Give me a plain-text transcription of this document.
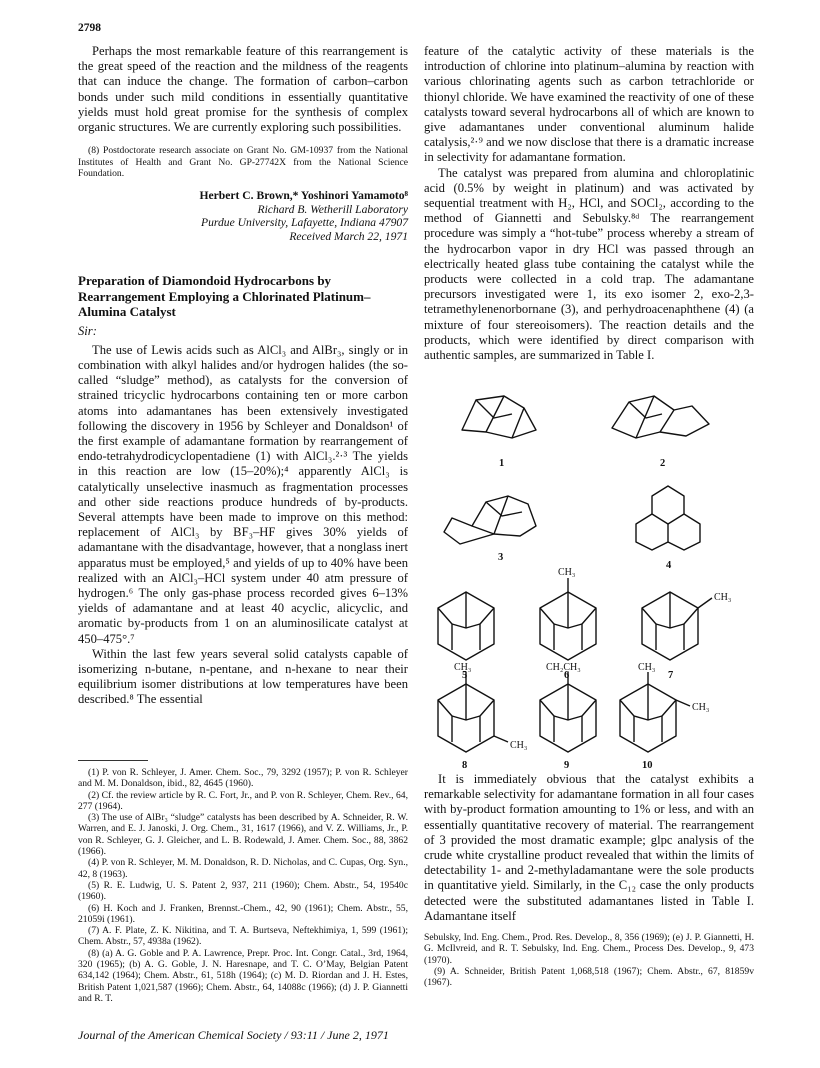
2798

Perhaps the most remarkable feature of this rearrangement is the great speed of the reaction and the mildness of the reagents that can induce the change. The formation of carbon–carbon bonds under such mild conditions in essentially quantitative yields must hold great promise for the synthesis of complex organic structures. We are currently exploring such possibilities.

(8) Postdoctorate research associate on Grant No. GM-10937 from the National Institutes of Health and Grant No. GP-27742X from the National Science Foundation.

Herbert C. Brown,* Yoshinori Yamamoto⁸
Richard B. Wetherill Laboratory
Purdue University, Lafayette, Indiana 47907
Received March 22, 1971
Preparation of Diamondoid Hydrocarbons by Rearrangement Employing a Chlorinated Platinum–Alumina Catalyst
Sir:

The use of Lewis acids such as AlCl₃ and AlBr₃, singly or in combination with alkyl halides and/or hydrogen halides (the so-called “sludge” method), as catalysts for the conversion of strained tricyclic hydrocarbons containing ten or more carbon atoms into adamantanes has been extensively investigated following the discovery in 1956 by Schleyer and Donaldson¹ of the first example of adamantane formation by rearrangement of endo-tetrahydrodicyclopentadiene (1) with AlCl₃.²·³ The yields in this reaction are low (15–20%);⁴ apparently AlCl₃ is catalytically unselective inasmuch as fragmentation processes and other side reactions produce hundreds of by-products. Several attempts have been made to improve on this method: replacement of AlCl₃ by BF₃–HF gives 30% yields of adamantane with the disadvantage, however, that a nonglass inert apparatus must be employed,⁵ and yields of up to 40% have been realized with an AlCl₃–HCl system under 40 atm pressure of hydrogen.⁶ The only gas-phase process recorded gives 6–13% yields of adamantane and at least 40 acyclic, alicyclic, and aromatic by-products from 1 on an aluminosilicate catalyst at 450–475°.⁷

Within the last few years several solid catalysts capable of isomerizing n-butane, n-pentane, and n-hexane to near their equilibrium isomer distributions at low temperatures have been described.⁸ The essential

(1) P. von R. Schleyer, J. Amer. Chem. Soc., 79, 3292 (1957); P. von R. Schleyer and M. M. Donaldson, ibid., 82, 4645 (1960).

(2) Cf. the review article by R. C. Fort, Jr., and P. von R. Schleyer, Chem. Rev., 64, 277 (1964).

(3) The use of AlBr₃ “sludge” catalysts has been described by A. Schneider, R. W. Warren, and E. J. Janoski, J. Org. Chem., 31, 1617 (1966), and V. Z. Williams, Jr., P. von R. Schleyer, G. J. Gleicher, and L. B. Rodewald, J. Amer. Chem. Soc., 88, 3862 (1966).

(4) P. von R. Schleyer, M. M. Donaldson, R. D. Nicholas, and C. Cupas, Org. Syn., 42, 8 (1963).

(5) R. E. Ludwig, U. S. Patent 2, 937, 211 (1960); Chem. Abstr., 54, 19540c (1960).

(6) H. Koch and J. Franken, Brennst.-Chem., 42, 90 (1961); Chem. Abstr., 55, 21059i (1961).

(7) A. F. Plate, Z. K. Nikitina, and T. A. Burtseva, Neftekhimiya, 1, 599 (1961); Chem. Abstr., 57, 4938a (1962).

(8) (a) A. G. Goble and P. A. Lawrence, Prepr. Proc. Int. Congr. Catal., 3rd, 1964, 320 (1965); (b) A. G. Goble, J. N. Haresnape, and T. C. O’May, Belgian Patent 634,142 (1964); Chem. Abstr., 61, 518h (1964); (c) M. D. Riordan and J. H. Estes, British Patent 1,021,587 (1966); Chem. Abstr., 64, 14088c (1966); (d) J. P. Giannetti and R. T.

feature of the catalytic activity of these materials is the introduction of chlorine into platinum–alumina by reaction with various chlorinating agents such as carbon tetrachloride or thionyl chloride. We have examined the reactivity of one of these catalysts toward several hydrocarbons all of which are known to give adamantanes under conventional aluminum halide catalysis,²·⁹ and we now disclose that there is a dramatic increase in selectivity for adamantane formation.

The catalyst was prepared from alumina and chloroplatinic acid (0.5% by weight in platinum) and was activated by sequential treatment with H₂, HCl, and SOCl₂, according to the method of Giannetti and Sebulsky.⁸ᵈ The rearrangement procedure was simply a “hot-tube” process whereby a stream of the hydrocarbon vapor in dry HCl was passed through an electrically heated glass tube containing the catalyst while the products were collected in a cold trap. The adamantane precursors investigated were 1, its exo isomer 2, exo-2,3-tetramethylenenorbornane (3), and perhydroacenaphthene (4) (a mixture of four stereoisomers). The reaction details and the products, which were identified by direct comparison with authentic samples, are summarized in Table I.

1	2
3
4
5	6	7
8	9	10
CH₃
CH₃
CH₃
CH₃
CH₂CH₃	CH₃
CH₃

It is immediately obvious that the catalyst exhibits a remarkable selectivity for adamantane formation in all four cases with by-product formation amounting to 1% or less, and with an essentially quantitative recovery of material. The rearrangement of 3 provided the most dramatic example; glpc analysis of the crude white crystalline product revealed that within the limits of detectability 1- and 2-methyladamantane were the sole products in quantitative yield. Similarly, in the C₁₂ case the only products detected were the substituted adamantanes listed in Table I. Adamantane itself

Sebulsky, Ind. Eng. Chem., Prod. Res. Develop., 8, 356 (1969); (e) J. P. Giannetti, H. G. McIlvreid, and R. T. Sebulsky, Ind. Eng. Chem., Process Des. Develop., 9, 473 (1970).

(9) A. Schneider, British Patent 1,068,518 (1967); Chem. Abstr., 67, 81859v (1967).

Journal of the American Chemical Society / 93:11 / June 2, 1971
